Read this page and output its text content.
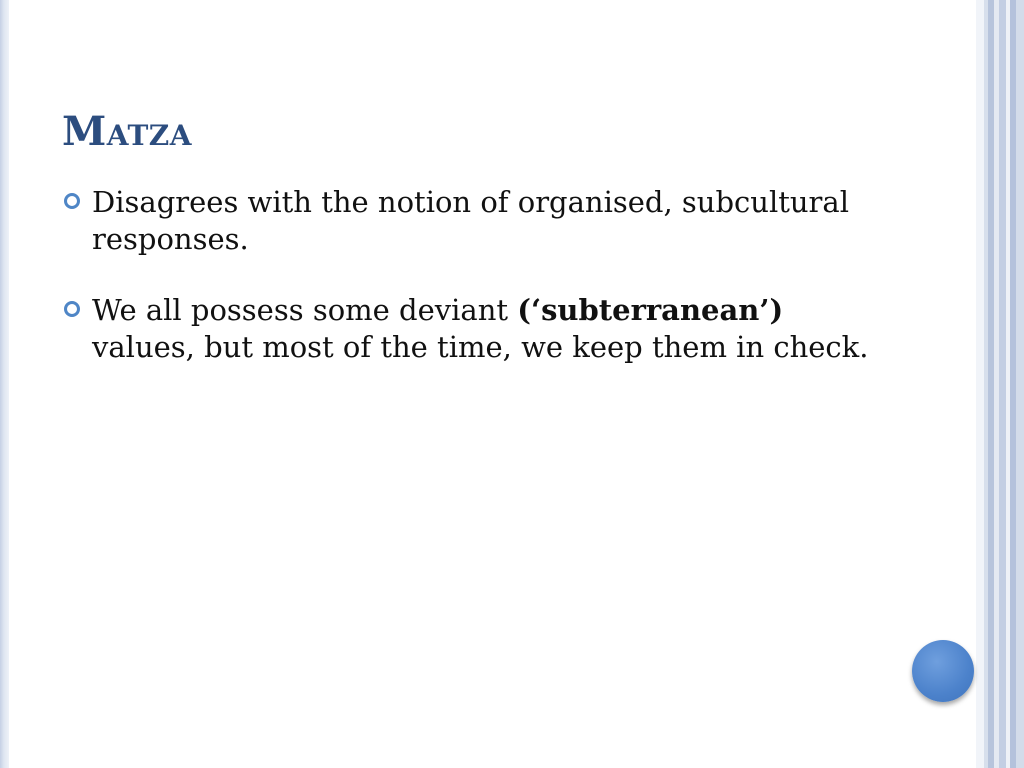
Matza
Disagrees with the notion of organised, subcultural responses.
We all possess some deviant (‘subterranean’) values, but most of the time, we keep them in check.
